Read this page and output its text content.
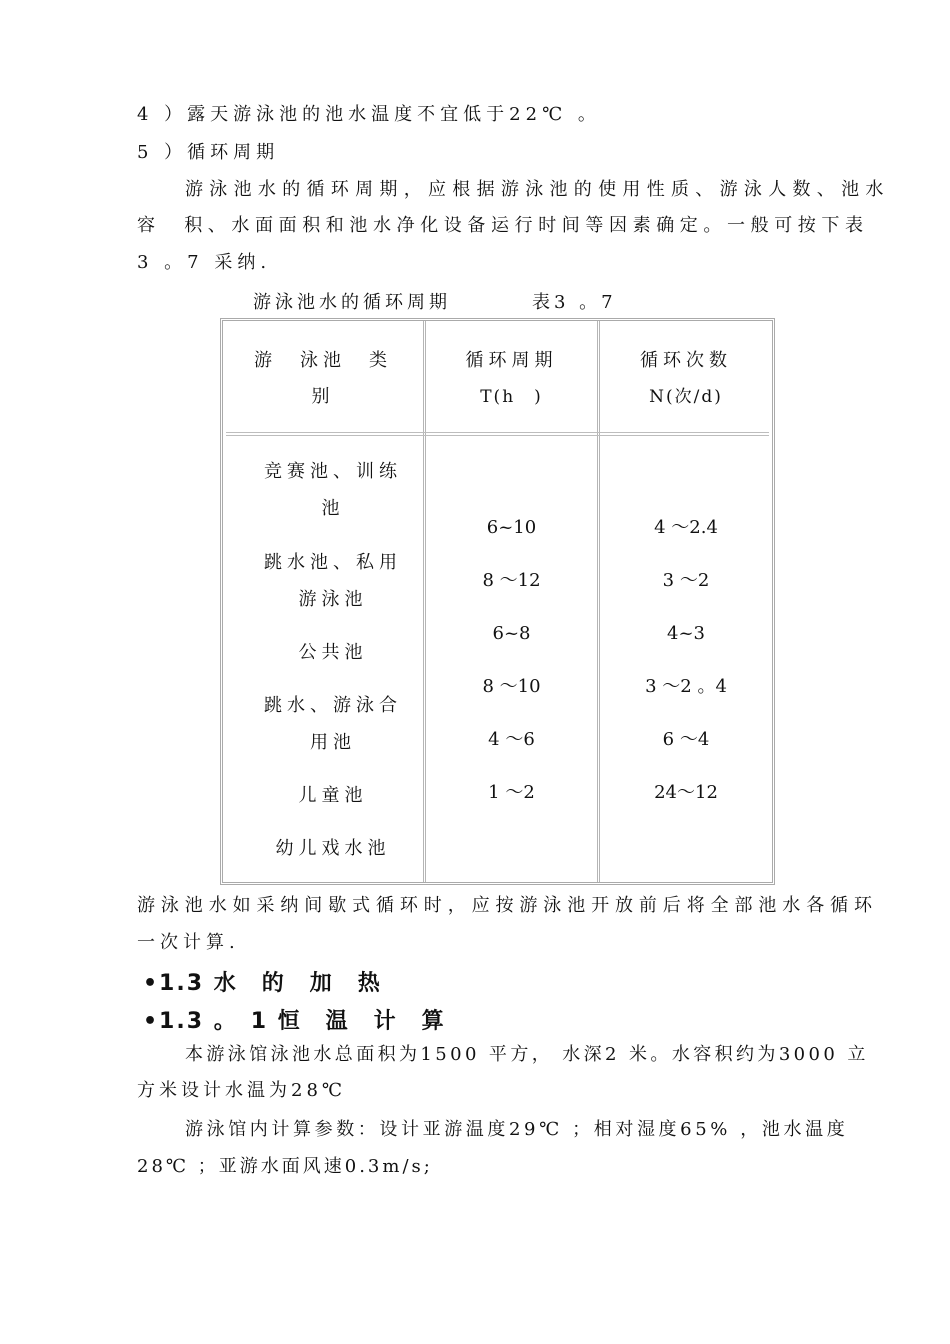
4 ）露天游泳池的池水温度不宜低于22℃ 。
5 ）循环周期
游泳池水的循环周期，应根据游泳池的使用性质、游泳人数、池水
容　积、水面面积和池水净化设备运行时间等因素确定。一般可按下表
3 。7 采纳.
游泳池水的循环周期	表3 。7
游　泳池　类
别
循环周期
T(h　)
循环次数
N(次/d)
竞赛池、训练
池
跳水池、私用
游泳池
公共池
跳水、游泳合
用池
儿童池
幼儿戏水池
6~10
8 ～12
6~8
8 ～10
4 ～6
1 ～2
4 ～2.4
3 ～2
4~3
3 ～2 。4
6 ～4
24～12
游泳池水如采纳间歇式循环时，应按游泳池开放前后将全部池水各循环
一次计算.
•1.3 水　的　加　热
•1.3 。　1 恒　温　计　算
本游泳馆泳池水总面积为1500 平方， 水深2 米。水容积约为3000 立
方米设计水温为28℃
游泳馆内计算参数：设计亚游温度29℃ ；相对湿度65% ，池水温度
28℃ ；亚游水面风速0.3m/s;
